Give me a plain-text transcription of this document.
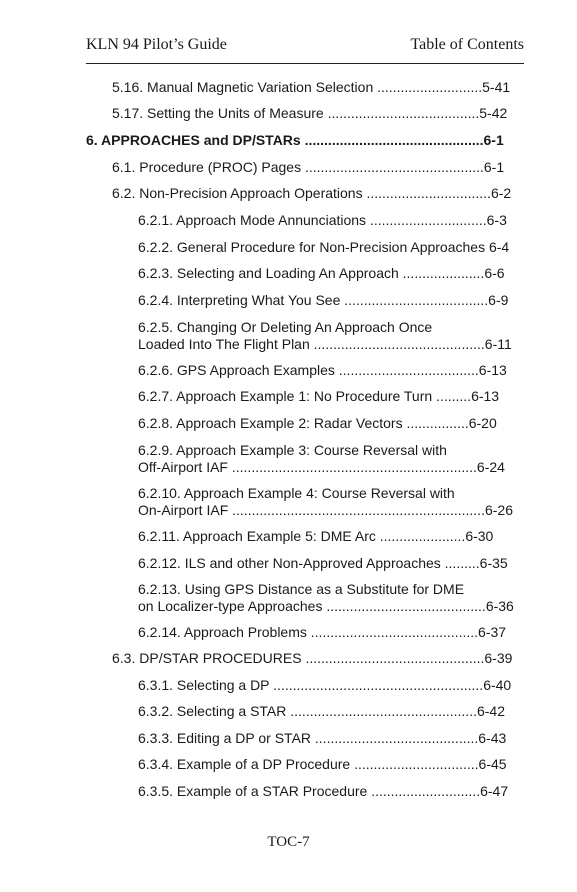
KLN 94 Pilot’s Guide	Table of Contents
5.16. Manual Magnetic Variation Selection ...........................5-41
5.17. Setting the Units of Measure .......................................5-42
6. APPROACHES and DP/STARs ..............................................6-1
6.1. Procedure (PROC) Pages ..............................................6-1
6.2. Non-Precision Approach Operations ................................6-2
6.2.1. Approach Mode Annunciations ..............................6-3
6.2.2. General Procedure for Non-Precision Approaches 6-4
6.2.3. Selecting and Loading An Approach .....................6-6
6.2.4. Interpreting What You See .....................................6-9
6.2.5. Changing Or Deleting An Approach Once
Loaded Into The Flight Plan ............................................6-11
6.2.6. GPS Approach Examples ....................................6-13
6.2.7. Approach Example 1: No Procedure Turn .........6-13
6.2.8. Approach Example 2: Radar Vectors ................6-20
6.2.9. Approach Example 3: Course Reversal with
Off-Airport IAF ...............................................................6-24
6.2.10. Approach Example 4: Course Reversal with
On-Airport IAF .................................................................6-26
6.2.11. Approach Example 5: DME Arc ......................6-30
6.2.12. ILS and other Non-Approved Approaches .........6-35
6.2.13. Using GPS Distance as a Substitute for DME
on Localizer-type Approaches .........................................6-36
6.2.14. Approach Problems ...........................................6-37
6.3. DP/STAR PROCEDURES ..............................................6-39
6.3.1. Selecting a DP ......................................................6-40
6.3.2. Selecting a STAR ................................................6-42
6.3.3. Editing a DP or STAR ..........................................6-43
6.3.4. Example of a DP Procedure ................................6-45
6.3.5. Example of a STAR Procedure ............................6-47
TOC-7
